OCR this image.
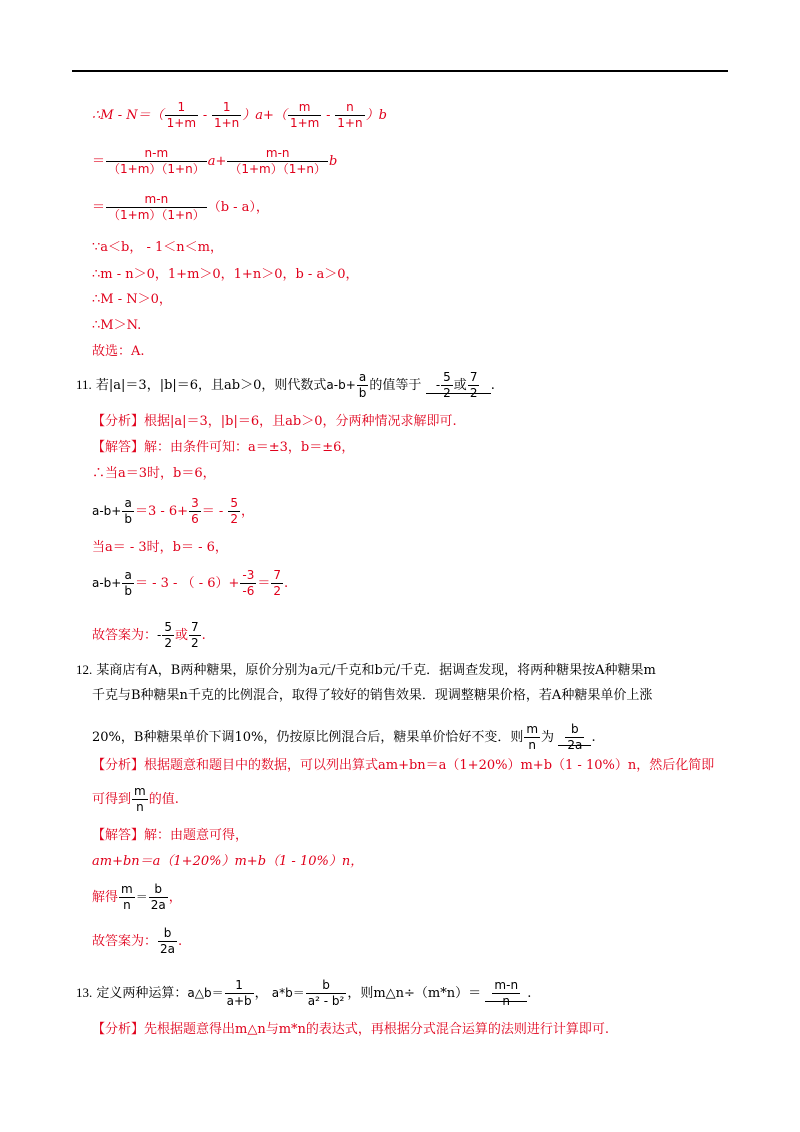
∴M - $N=( \frac{1}{1+m} - \frac{1}{1+n} )a+( \frac{m}{1+m} - \frac{n}{1+n} )b$
＝ $\frac{n-m}{(1+m)(1+n)} a+ \frac{m-n}{(1+m)(1+n)}$ b
＝ $\frac{m-n}{(1+m)(1+n)} (b - a)$，
∵a＜b， - 1＜n＜m，
∴m - n＞0，1+m＞0，1+n＞0，b - a＞0，
∴M - N＞0，
∴M＞N.
故选：A.
11. 若|a|＝3，|b|＝6，且ab＞0，则代数式$a-b+ \frac{a}{b}$ 的值等于 - $\frac{5}{2}$ 或 $\frac{7}{2}$ .
【分析】根据|a|＝3，|b|＝6，且ab＞0，分两种情况求解即可.
【解答】解：由条件可知：a＝±3，b＝±6，
∴当a＝3时，b＝6，
$a-b+ \frac{a}{b} =3 - 6+ \frac{3}{6}$ ＝ - $\frac{5}{2}$ ，
当a＝ - 3时，b＝ - 6，
$a-b+ \frac{a}{b}$ ＝ - 3 - （ - $6)+ \frac{-3}{-6} = \frac{7}{2}$ .
故答案为：- $\frac{5}{2}$ 或 $\frac{7}{2}$ .
12. 某商店有A，B两种糖果，原价分别为a元/千克和b元/千克．据调查发现，将两种糖果按A种糖果m
千克与B种糖果n千克的比例混合，取得了较好的销售效果．现调整糖果价格，若A种糖果单价上涨
20%，B种糖果单价下调10%，仍按原比例混合后，糖果单价恰好不变．则 $\frac{m}{n}$ 为 $\frac{b}{2a}$ .
【分析】根据题意和题目中的数据，可以列出算式am+bn＝a（1+20%）m+b（1 - 10%）n，然后化简即
可得到 $\frac{m}{n}$ 的值.
【解答】解：由题意可得，
am+bn＝a（1+20%）m+b（1 - 10%）n，
解得 $\frac{m}{n} = \frac{b}{2a}$ ，
故答案为： $\frac{b}{2a}$ .
13. 定义两种运算：a△b＝ $\frac{1}{a+b}$ ， $a*b= \frac{b}{\text{a² - b²}}$ ，则m△n÷（m*n）＝ $\frac{m-n}{n}$ .
【分析】先根据题意得出m△n与m*n的表达式，再根据分式混合运算的法则进行计算即可.
